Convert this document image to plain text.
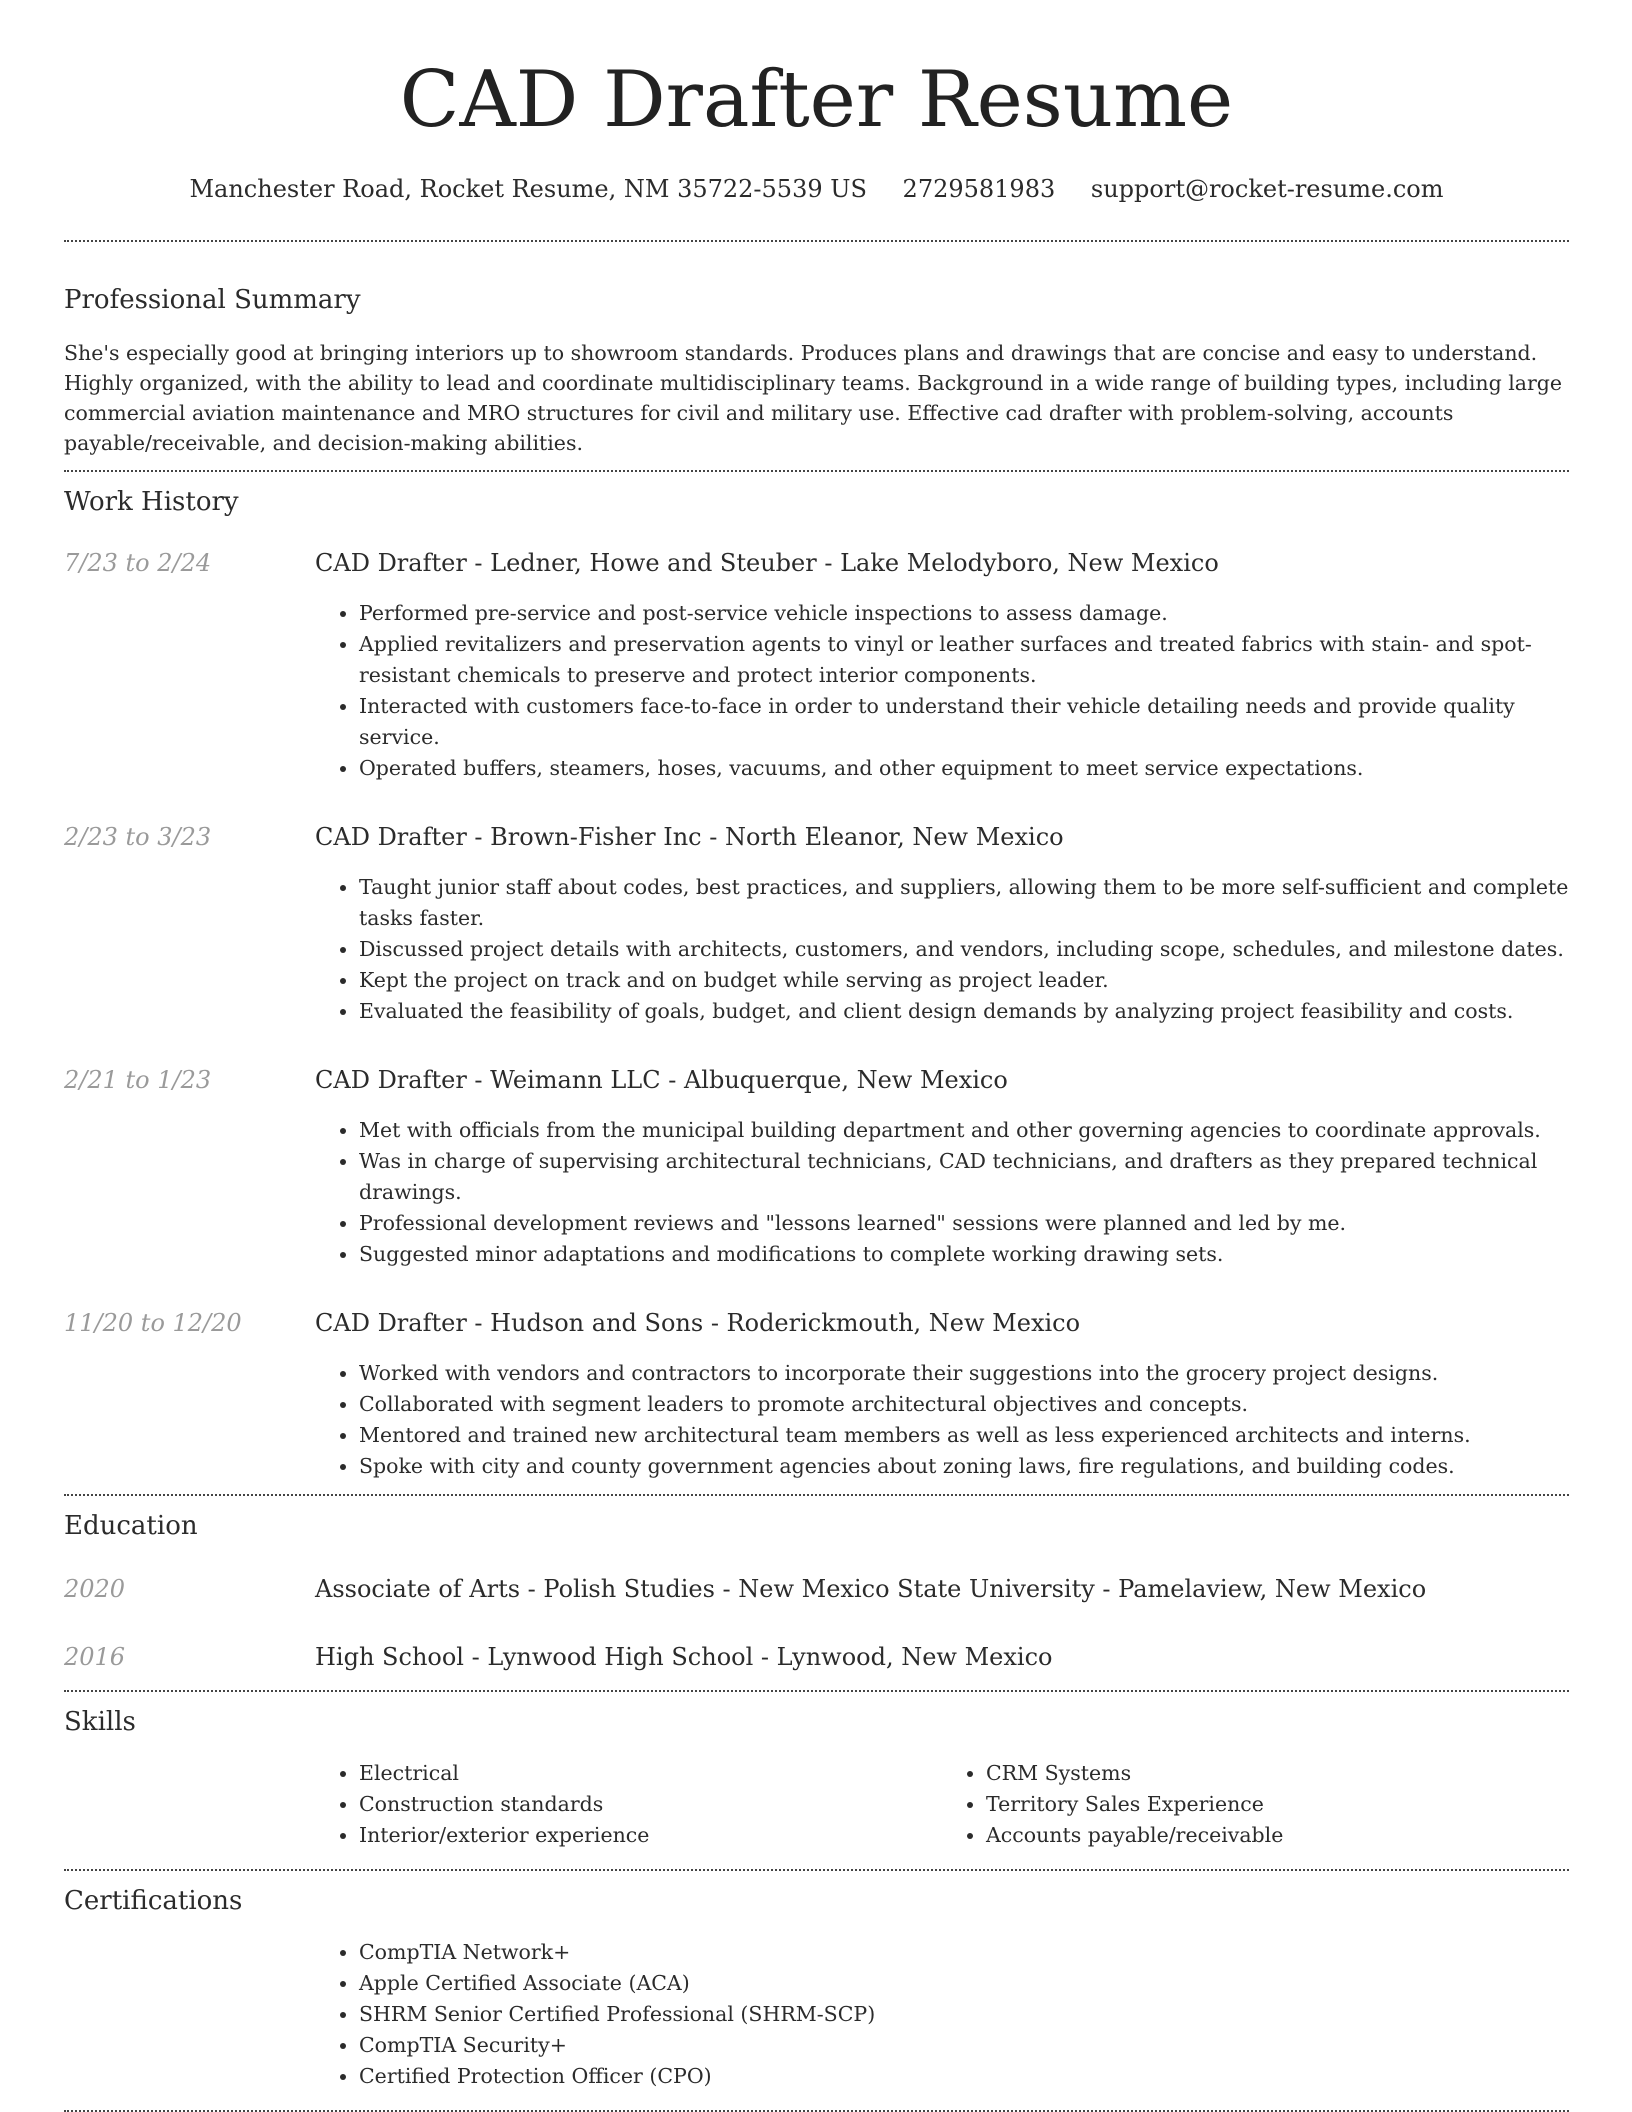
CAD Drafter Resume
Manchester Road, Rocket Resume, NM 35722-5539 US 2729581983 support@rocket-resume.com
Professional Summary
She's especially good at bringing interiors up to showroom standards. Produces plans and drawings that are concise and easy to understand. Highly organized, with the ability to lead and coordinate multidisciplinary teams. Background in a wide range of building types, including large commercial aviation maintenance and MRO structures for civil and military use. Effective cad drafter with problem-solving, accounts payable/receivable, and decision-making abilities.
Work History
7/23 to 2/24	CAD Drafter - Ledner, Howe and Steuber - Lake Melodyboro, New Mexico
• Performed pre-service and post-service vehicle inspections to assess damage.
• Applied revitalizers and preservation agents to vinyl or leather surfaces and treated fabrics with stain- and spot-resistant chemicals to preserve and protect interior components.
• Interacted with customers face-to-face in order to understand their vehicle detailing needs and provide quality service.
• Operated buffers, steamers, hoses, vacuums, and other equipment to meet service expectations.
2/23 to 3/23	CAD Drafter - Brown-Fisher Inc - North Eleanor, New Mexico
• Taught junior staff about codes, best practices, and suppliers, allowing them to be more self-sufficient and complete tasks faster.
• Discussed project details with architects, customers, and vendors, including scope, schedules, and milestone dates.
• Kept the project on track and on budget while serving as project leader.
• Evaluated the feasibility of goals, budget, and client design demands by analyzing project feasibility and costs.
2/21 to 1/23	CAD Drafter - Weimann LLC - Albuquerque, New Mexico
• Met with officials from the municipal building department and other governing agencies to coordinate approvals.
• Was in charge of supervising architectural technicians, CAD technicians, and drafters as they prepared technical drawings.
• Professional development reviews and "lessons learned" sessions were planned and led by me.
• Suggested minor adaptations and modifications to complete working drawing sets.
11/20 to 12/20	CAD Drafter - Hudson and Sons - Roderickmouth, New Mexico
• Worked with vendors and contractors to incorporate their suggestions into the grocery project designs.
• Collaborated with segment leaders to promote architectural objectives and concepts.
• Mentored and trained new architectural team members as well as less experienced architects and interns.
• Spoke with city and county government agencies about zoning laws, fire regulations, and building codes.
Education
2020	Associate of Arts - Polish Studies - New Mexico State University - Pamelaview, New Mexico
2016	High School - Lynwood High School - Lynwood, New Mexico
Skills
• Electrical
• Construction standards
• Interior/exterior experience
• CRM Systems
• Territory Sales Experience
• Accounts payable/receivable
Certifications
• CompTIA Network+
• Apple Certified Associate (ACA)
• SHRM Senior Certified Professional (SHRM-SCP)
• CompTIA Security+
• Certified Protection Officer (CPO)
